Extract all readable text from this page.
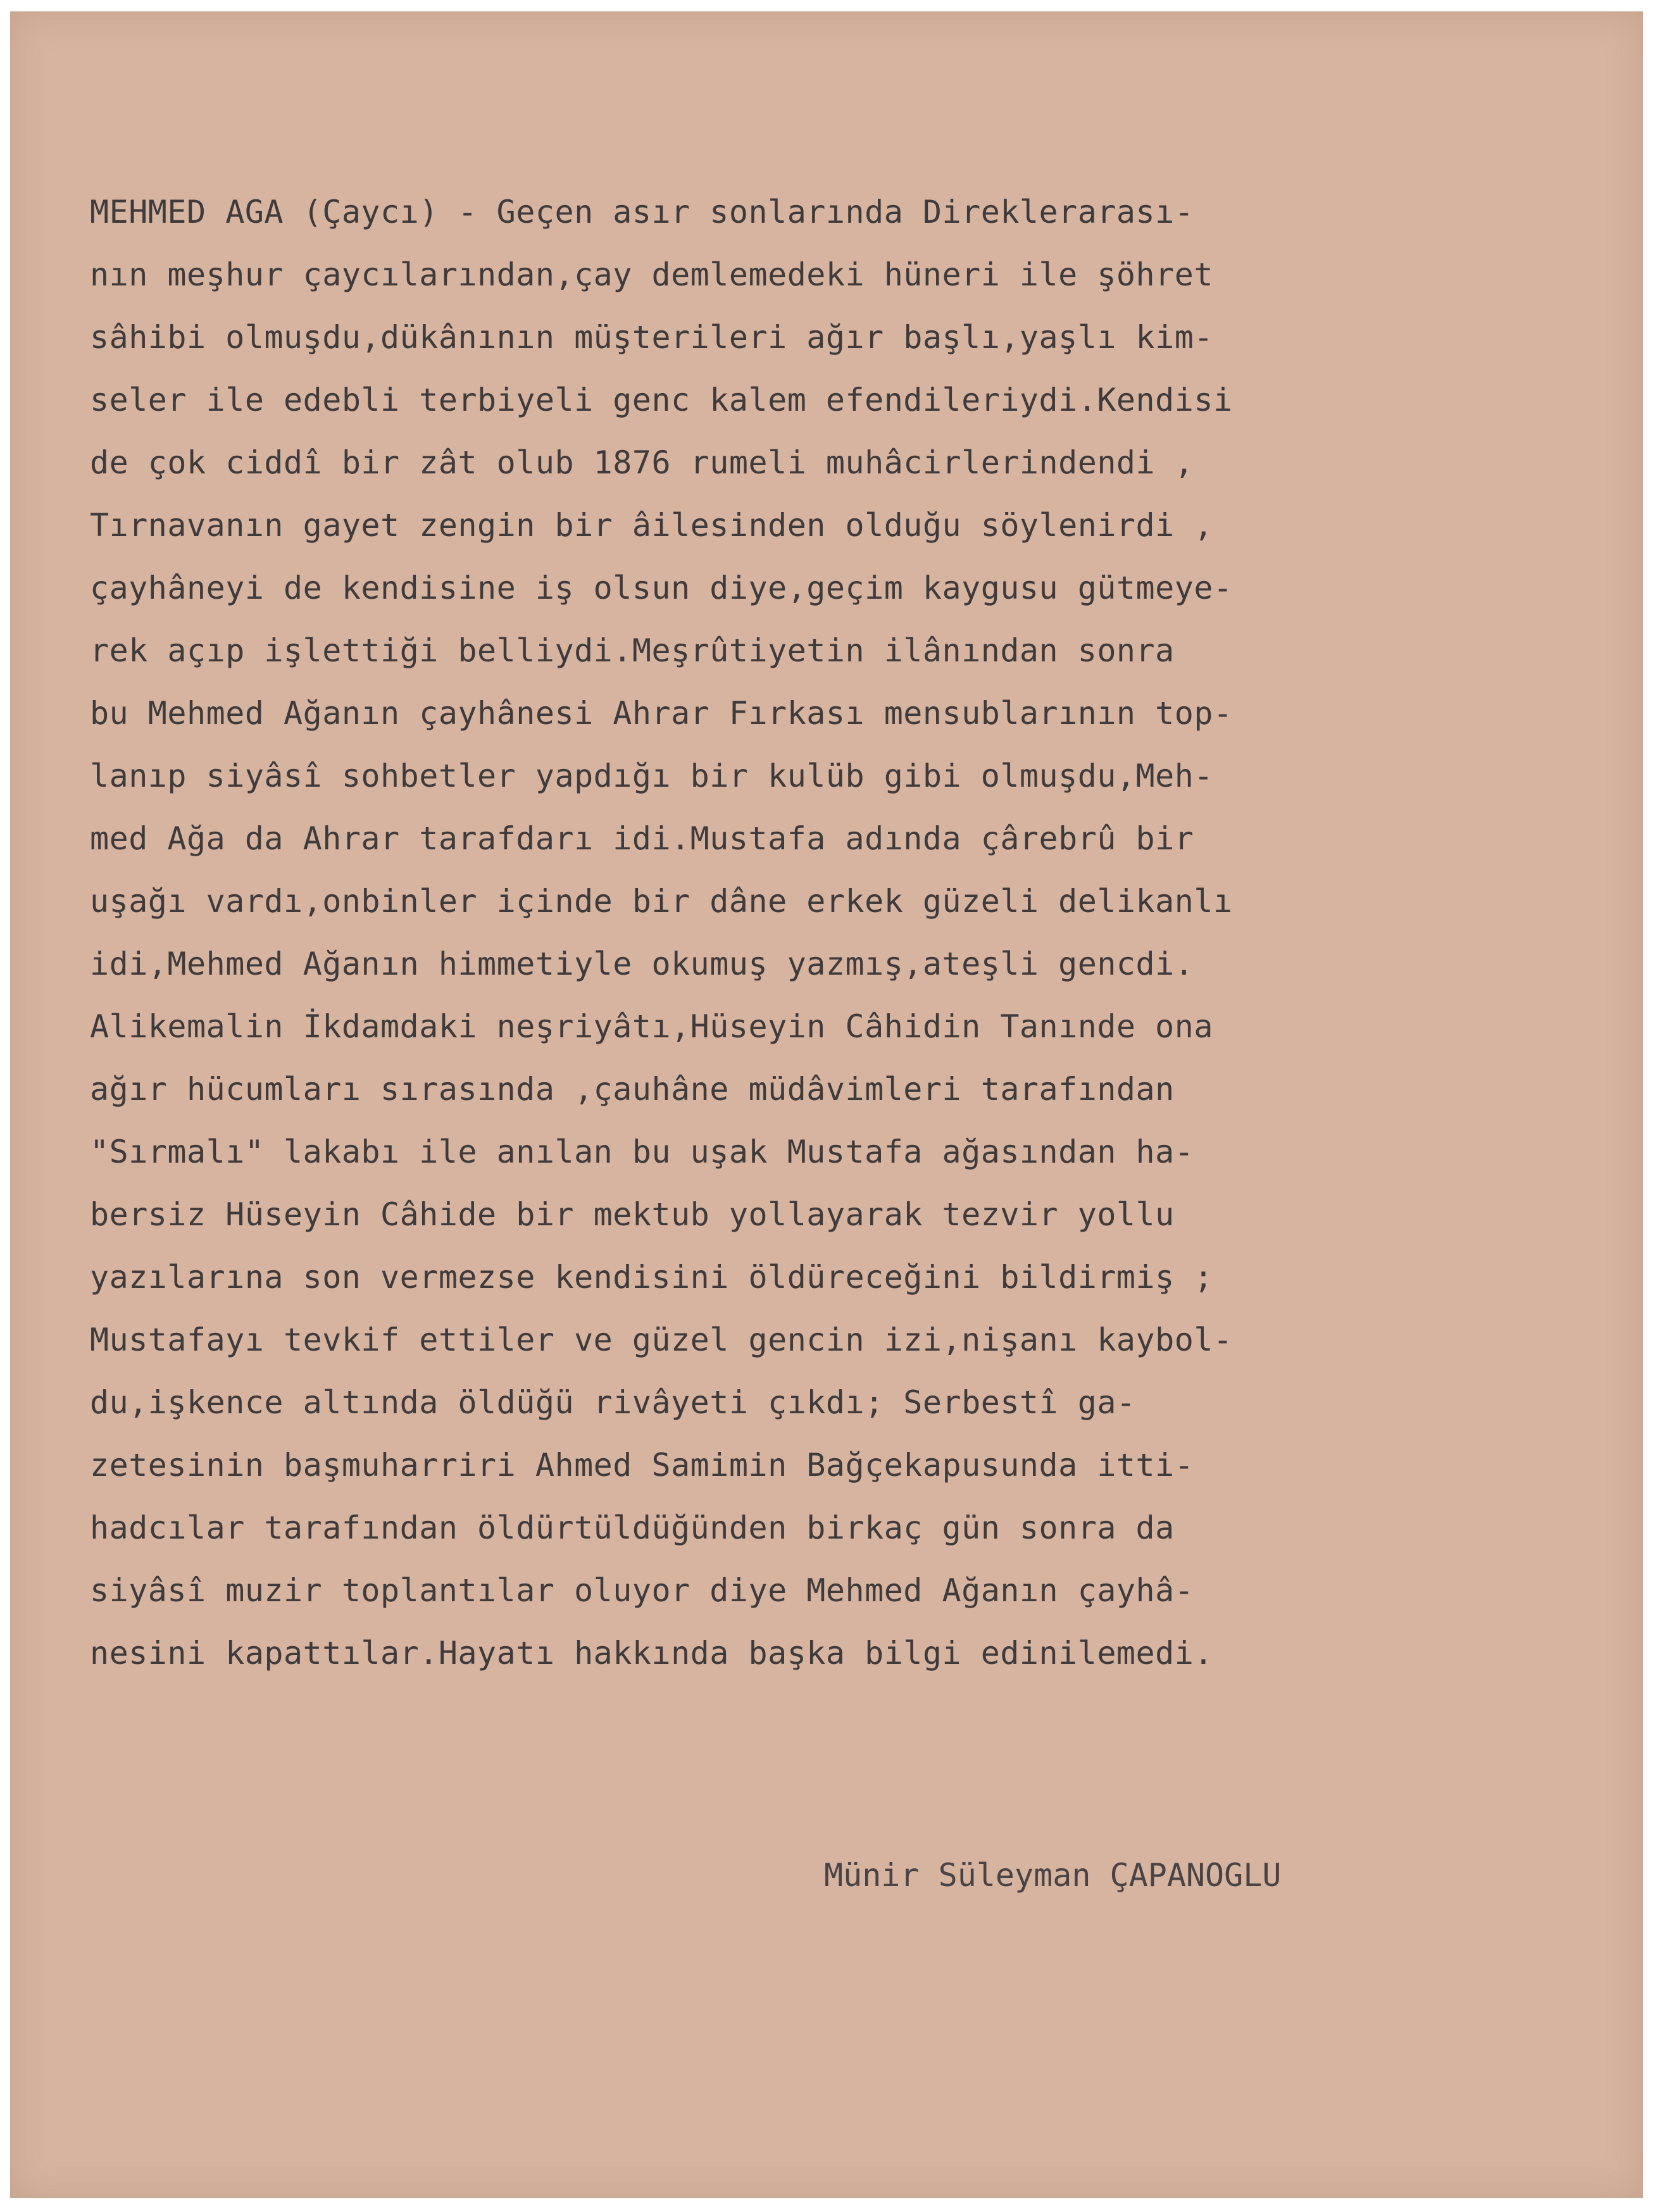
MEHMED AGA (Çaycı) - Geçen asır sonlarında Direklerarası-
nın meşhur çaycılarından,çay demlemedeki hüneri ile şöhret
sâhibi olmuşdu,dükânının müşterileri ağır başlı,yaşlı kim-
seler ile edebli terbiyeli genc kalem efendileriydi.Kendisi
de çok ciddî bir zât olub 1876 rumeli muhâcirlerindendi ,
Tırnavanın gayet zengin bir âilesinden olduğu söylenirdi ,
çayhâneyi de kendisine iş olsun diye,geçim kaygusu gütmeye-
rek açıp işlettiği belliydi.Meşrûtiyetin ilânından sonra
bu Mehmed Ağanın çayhânesi Ahrar Fırkası mensublarının top-
lanıp siyâsî sohbetler yapdığı bir kulüb gibi olmuşdu,Meh-
med Ağa da Ahrar tarafdarı idi.Mustafa adında çârebrû bir
uşağı vardı,onbinler içinde bir dâne erkek güzeli delikanlı
idi,Mehmed Ağanın himmetiyle okumuş yazmış,ateşli gencdi.
Alikemalin İkdamdaki neşriyâtı,Hüseyin Câhidin Tanınde ona
ağır hücumları sırasında ,çauhâne müdâvimleri tarafından
"Sırmalı" lakabı ile anılan bu uşak Mustafa ağasından ha-
bersiz Hüseyin Câhide bir mektub yollayarak tezvir yollu
yazılarına son vermezse kendisini öldüreceğini bildirmiş ;
Mustafayı tevkif ettiler ve güzel gencin izi,nişanı kaybol-
du,işkence altında öldüğü rivâyeti çıkdı; Serbestî ga-
zetesinin başmuharriri Ahmed Samimin Bağçekapusunda itti-
hadcılar tarafından öldürtüldüğünden birkaç gün sonra da
siyâsî muzir toplantılar oluyor diye Mehmed Ağanın çayhâ-
nesini kapattılar.Hayatı hakkında başka bilgi edinilemedi.
Münir Süleyman ÇAPANOGLU
